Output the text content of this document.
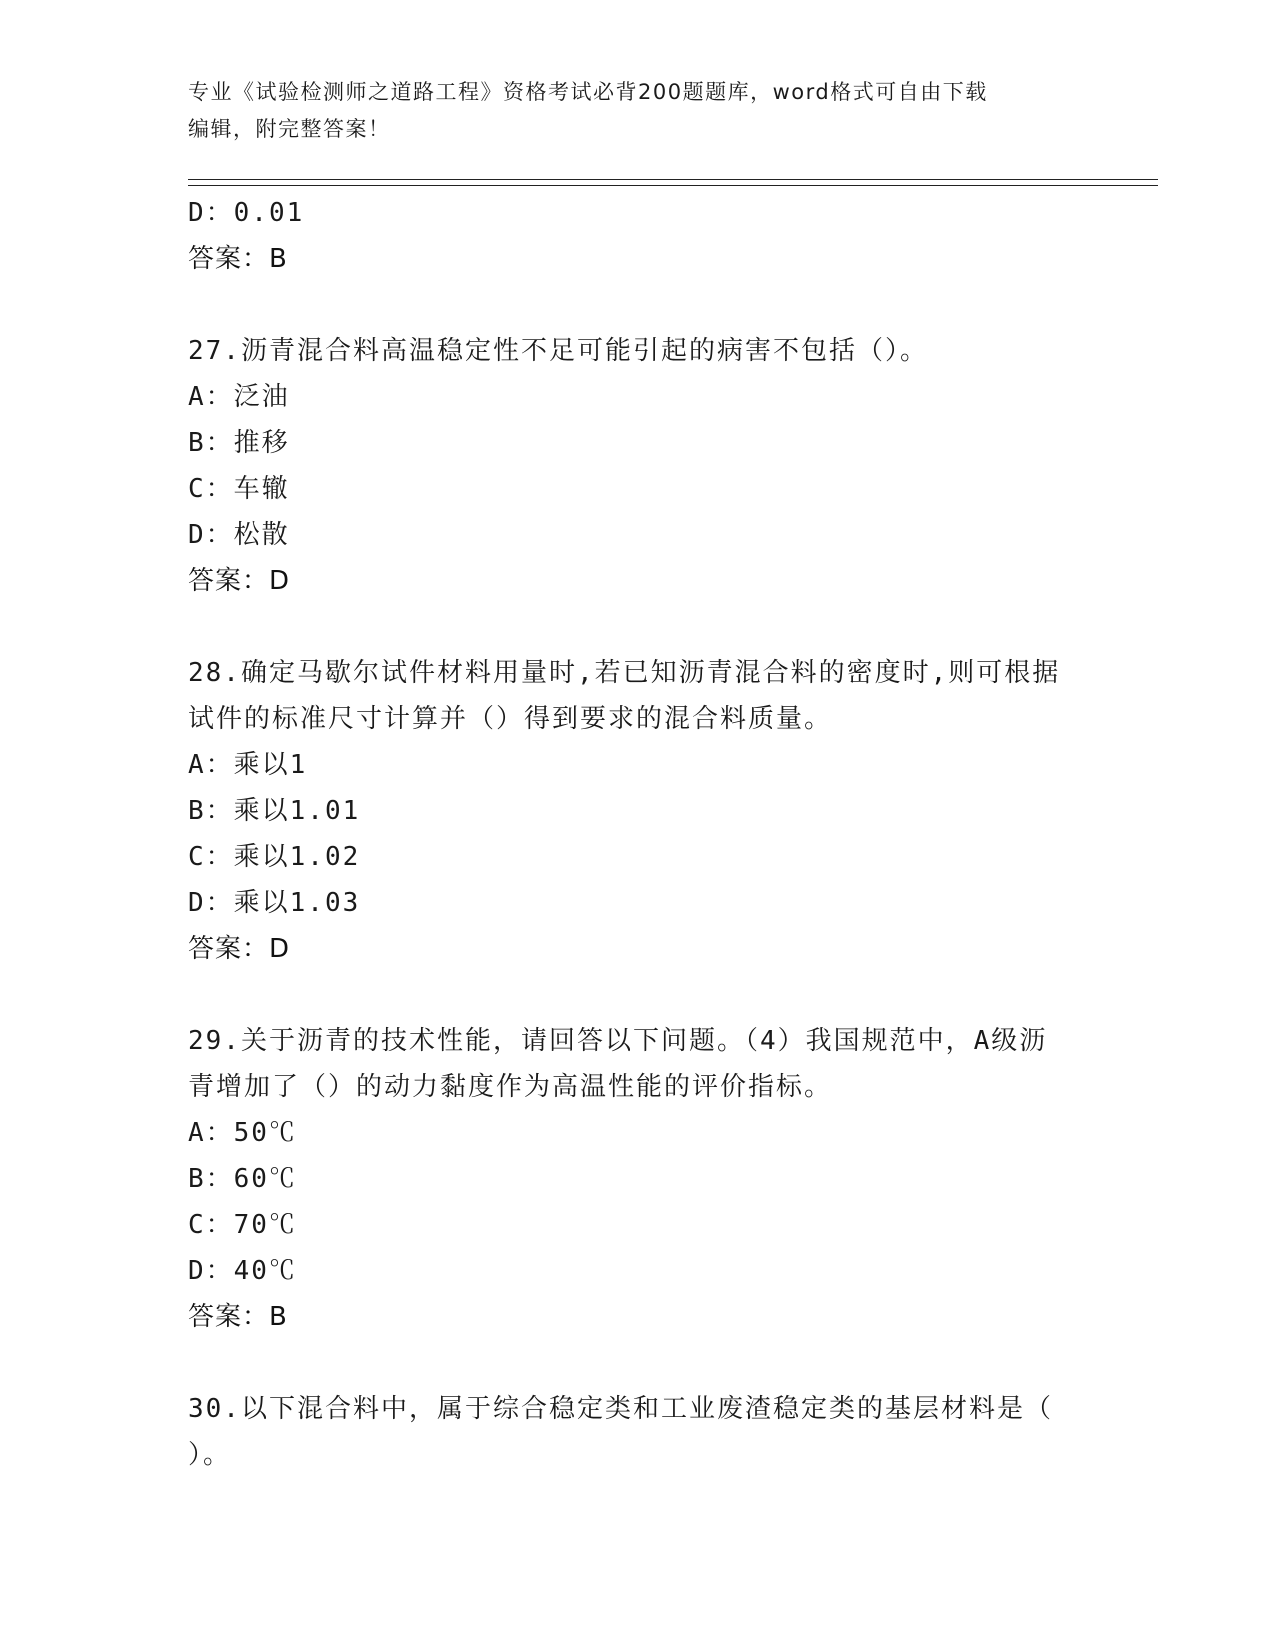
专业《试验检测师之道路工程》资格考试必背200题题库，word格式可自由下载
编辑，附完整答案！
D：0.01
答案：B
27.沥青混合料高温稳定性不足可能引起的病害不包括（）。
A：泛油
B：推移
C：车辙
D：松散
答案：D
28.确定马歇尔试件材料用量时,若已知沥青混合料的密度时,则可根据
试件的标准尺寸计算并（）得到要求的混合料质量。
A：乘以1
B：乘以1.01
C：乘以1.02
D：乘以1.03
答案：D
29.关于沥青的技术性能，请回答以下问题。（4）我国规范中，A级沥
青增加了（）的动力黏度作为高温性能的评价指标。
A：50℃
B：60℃
C：70℃
D：40℃
答案：B
30.以下混合料中，属于综合稳定类和工业废渣稳定类的基层材料是（
）。
